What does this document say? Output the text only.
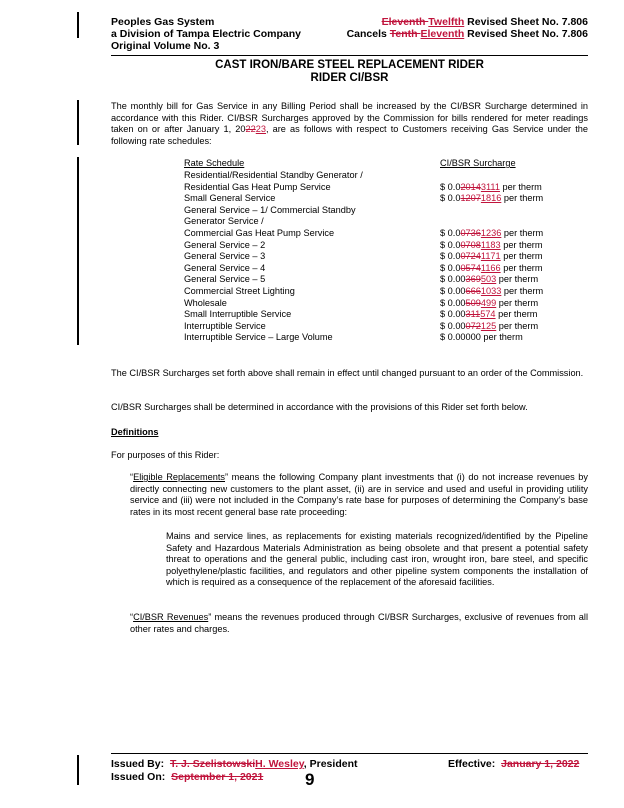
Peoples Gas System
a Division of Tampa Electric Company
Original Volume No. 3
Eleventh Twelfth Revised Sheet No. 7.806
Cancels Tenth Eleventh Revised Sheet No. 7.806
CAST IRON/BARE STEEL REPLACEMENT RIDER
RIDER CI/BSR
The monthly bill for Gas Service in any Billing Period shall be increased by the CI/BSR Surcharge determined in accordance with this Rider. CI/BSR Surcharges approved by the Commission for bills rendered for meter readings taken on or after January 1, 202223, are as follows with respect to Customers receiving Gas Service under the following rate schedules:
Rate Schedule	CI/BSR Surcharge
Residential/Residential Standby Generator /
Residential Gas Heat Pump Service	$ 0.020143111 per therm
Small General Service	$ 0.012071816 per therm
General Service – 1/ Commercial Standby
Generator Service /
Commercial Gas Heat Pump Service	$ 0.007361236 per therm
General Service – 2	$ 0.007081183 per therm
General Service – 3	$ 0.007241171 per therm
General Service – 4	$ 0.005741166 per therm
General Service – 5	$ 0.00369503 per therm
Commercial Street Lighting	$ 0.006661033 per therm
Wholesale	$ 0.00509499 per therm
Small Interruptible Service	$ 0.00311574 per therm
Interruptible Service	$ 0.00072125 per therm
Interruptible Service – Large Volume	$ 0.00000 per therm
The CI/BSR Surcharges set forth above shall remain in effect until changed pursuant to an order of the Commission.
CI/BSR Surcharges shall be determined in accordance with the provisions of this Rider set forth below.
Definitions
For purposes of this Rider:
“Eligible Replacements” means the following Company plant investments that (i) do not increase revenues by directly connecting new customers to the plant asset, (ii) are in service and used and useful in providing utility service and (iii) were not included in the Company’s rate base for purposes of determining the Company’s base rates in its most recent general base rate proceeding:
Mains and service lines, as replacements for existing materials recognized/identified by the Pipeline Safety and Hazardous Materials Administration as being obsolete and that present a potential safety threat to operations and the general public, including cast iron, wrought iron, bare steel, and specific polyethylene/plastic facilities, and regulators and other pipeline system components the installation of which is required as a consequence of the replacement of the aforesaid facilities.
“CI/BSR Revenues” means the revenues produced through CI/BSR Surcharges, exclusive of revenues from all other rates and charges.
Issued By: T. J. SzelistowskiH. Wesley, President
Issued On: September 1, 2021
Effective: January 1, 2022
9
